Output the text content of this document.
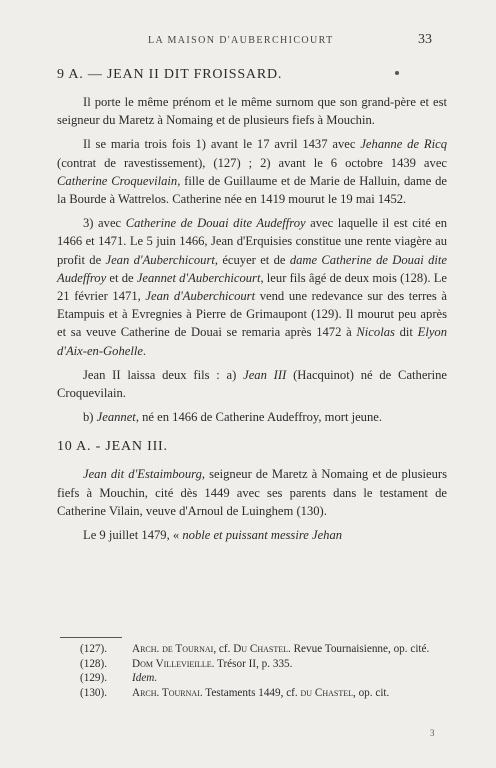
LA MAISON D'AUBERCHICOURT	33
9 A. — JEAN II DIT FROISSARD.

Il porte le même prénom et le même surnom que son grand-père et est seigneur du Maretz à Nomaing et de plusieurs fiefs à Mouchin.

Il se maria trois fois 1) avant le 17 avril 1437 avec Jehanne de Ricq (contrat de ravestissement), (127) ; 2) avant le 6 octobre 1439 avec Catherine Croquevilain, fille de Guillaume et de Marie de Halluin, dame de la Bourde à Wattrelos. Catherine née en 1419 mourut le 19 mai 1452.

3) avec Catherine de Douai dite Audeffroy avec laquelle il est cité en 1466 et 1471. Le 5 juin 1466, Jean d'Erquisies constitue une rente viagère au profit de Jean d'Auberchicourt, écuyer et de dame Catherine de Douai dite Audeffroy et de Jeannet d'Auberchicourt, leur fils âgé de deux mois (128). Le 21 février 1471, Jean d'Auberchicourt vend une redevance sur des terres à Etampuis et à Evregnies à Pierre de Grimaupont (129). Il mourut peu après et sa veuve Catherine de Douai se remaria après 1472 à Nicolas dit Elyon d'Aix-en-Gohelle.

Jean II laissa deux fils : a) Jean III (Hacquinot) né de Catherine Croquevilain.

b) Jeannet, né en 1466 de Catherine Audeffroy, mort jeune.

10 A. - JEAN III.

Jean dit d'Estaimbourg, seigneur de Maretz à Nomaing et de plusieurs fiefs à Mouchin, cité dès 1449 avec ses parents dans le testament de Catherine Vilain, veuve d'Arnoul de Luinghem (130).

Le 9 juillet 1479, « noble et puissant messire Jehan

(127).	Arch. de Tournai, cf. Du Chastel. Revue Tournaisienne, op. cité.
(128).	Dom Villevieille. Trésor II, p. 335.
(129).	Idem.
(130).	Arch. Tournai. Testaments 1449, cf. du Chastel, op. cit.
3
